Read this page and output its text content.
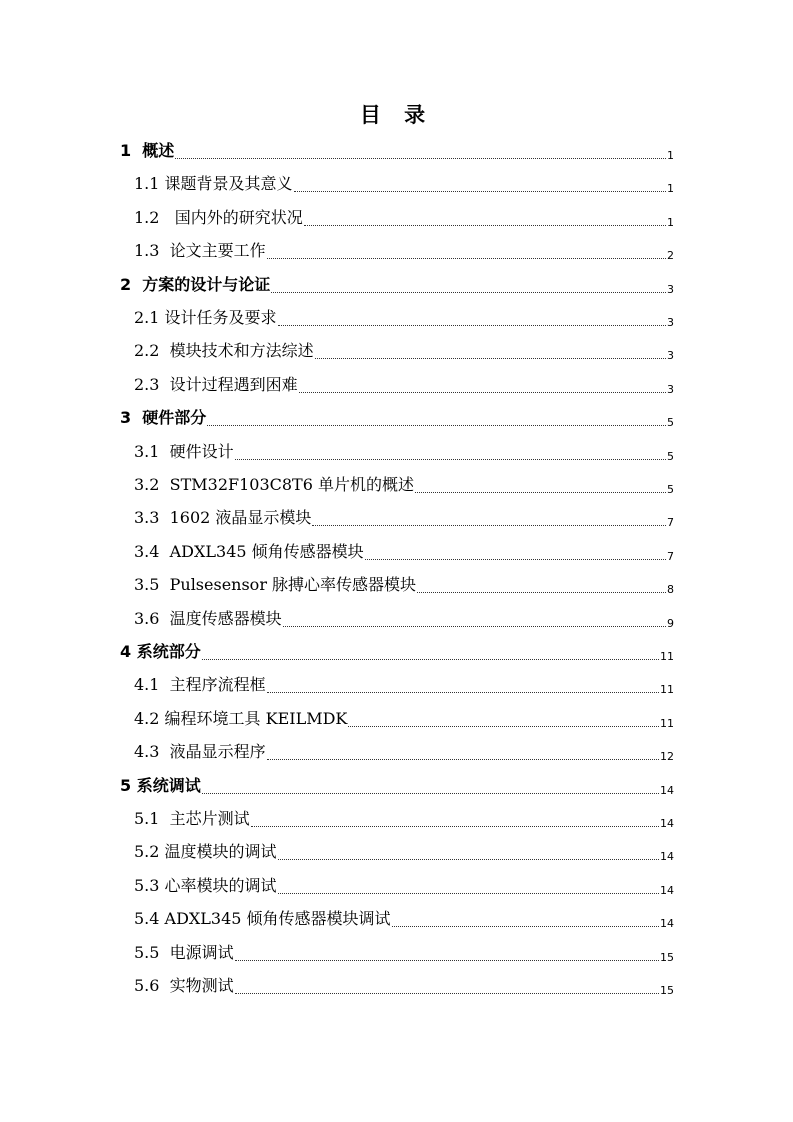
目 录
1  概述	1
1.1 课题背景及其意义	1
1.2   国内外的研究状况	1
1.3  论文主要工作	2
2  方案的设计与论证	3
2.1 设计任务及要求	3
2.2  模块技术和方法综述	3
2.3  设计过程遇到困难	3
3  硬件部分	5
3.1  硬件设计	5
3.2  STM32F103C8T6 单片机的概述	5
3.3  1602 液晶显示模块	7
3.4  ADXL345 倾角传感器模块	7
3.5  Pulsesensor 脉搏心率传感器模块	8
3.6  温度传感器模块	9
4 系统部分	11
4.1  主程序流程框	11
4.2 编程环境工具 KEILMDK	11
4.3  液晶显示程序	12
5 系统调试	14
5.1  主芯片测试	14
5.2 温度模块的调试	14
5.3 心率模块的调试	14
5.4 ADXL345 倾角传感器模块调试	14
5.5  电源调试	15
5.6  实物测试	15
